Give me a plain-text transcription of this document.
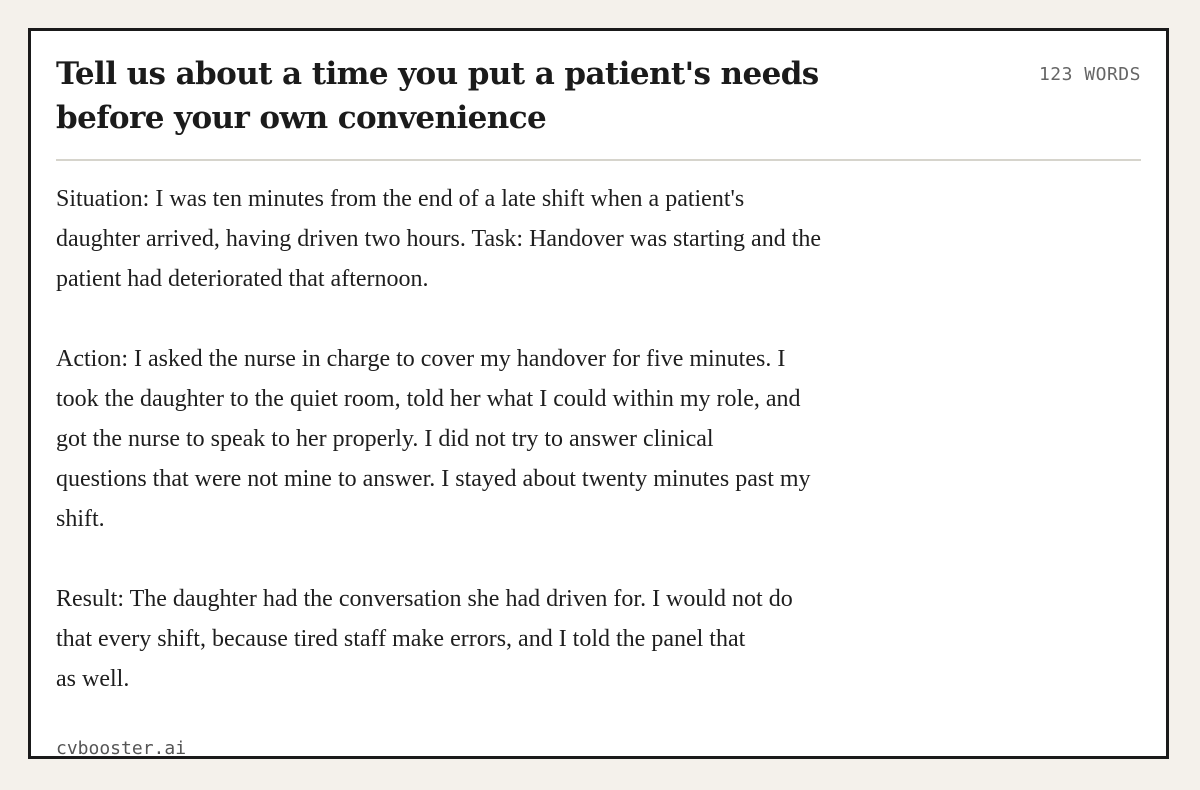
Tell us about a time you put a patient's needs
before your own convenience
123 WORDS

Situation: I was ten minutes from the end of a late shift when a patient's
daughter arrived, having driven two hours. Task: Handover was starting and the
patient had deteriorated that afternoon.

Action: I asked the nurse in charge to cover my handover for five minutes. I
took the daughter to the quiet room, told her what I could within my role, and
got the nurse to speak to her properly. I did not try to answer clinical
questions that were not mine to answer. I stayed about twenty minutes past my
shift.

Result: The daughter had the conversation she had driven for. I would not do
that every shift, because tired staff make errors, and I told the panel that
as well.

cvbooster.ai
